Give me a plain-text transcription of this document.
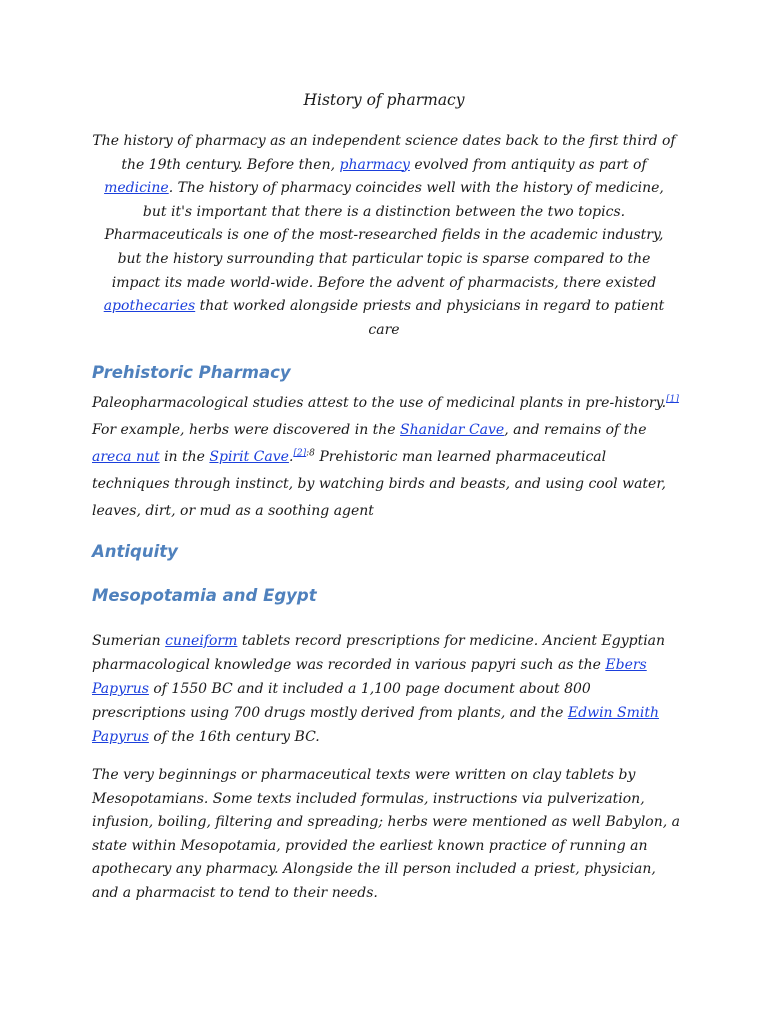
History of pharmacy

The history of pharmacy as an independent science dates back to the first third of the 19th century. Before then, pharmacy evolved from antiquity as part of medicine. The history of pharmacy coincides well with the history of medicine, but it's important that there is a distinction between the two topics. Pharmaceuticals is one of the most-researched fields in the academic industry, but the history surrounding that particular topic is sparse compared to the impact its made world-wide. Before the advent of pharmacists, there existed apothecaries that worked alongside priests and physicians in regard to patient care

Prehistoric Pharmacy

Paleopharmacological studies attest to the use of medicinal plants in pre-history.[1] For example, herbs were discovered in the Shanidar Cave, and remains of the areca nut in the Spirit Cave.$^{[2]:8}$ Prehistoric man learned pharmaceutical techniques through instinct, by watching birds and beasts, and using cool water, leaves, dirt, or mud as a soothing agent

Antiquity
Mesopotamia and Egypt

Sumerian cuneiform tablets record prescriptions for medicine. Ancient Egyptian pharmacological knowledge was recorded in various papyri such as the Ebers Papyrus of 1550 BC and it included a 1,100 page document about 800 prescriptions using 700 drugs mostly derived from plants, and the Edwin Smith Papyrus of the 16th century BC.

The very beginnings or pharmaceutical texts were written on clay tablets by Mesopotamians. Some texts included formulas, instructions via pulverization, infusion, boiling, filtering and spreading; herbs were mentioned as well Babylon, a state within Mesopotamia, provided the earliest known practice of running an apothecary any pharmacy. Alongside the ill person included a priest, physician, and a pharmacist to tend to their needs.
